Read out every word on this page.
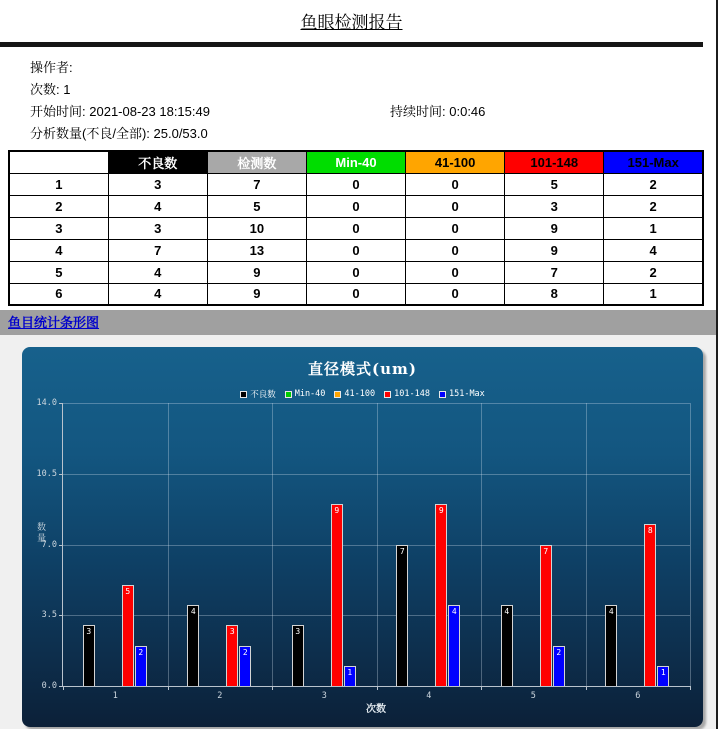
鱼眼检测报告
操作者:
次数: 1
开始时间: 2021-08-23 18:15:49	持续时间: 0:0:46
分析数量(不良/全部): 25.0/53.0
	不良数	检测数	Min-40	41-100	101-148	151-Max
1	3	7	0	0	5	2
2	4	5	0	0	3	2
3	3	10	0	0	9	1
4	7	13	0	0	9	4
5	4	9	0	0	7	2
6	4	9	0	0	8	1
鱼目统计条形图
直径模式(um)
不良数 Min-40 41-100 101-148 151-Max
数量
14.0
10.5
7.0
3.5
0.0
1	2	3	4	5	6
3
5
2
4
3
2
3
9
1
7
9
4	4
7
2
4
8
1
次数
